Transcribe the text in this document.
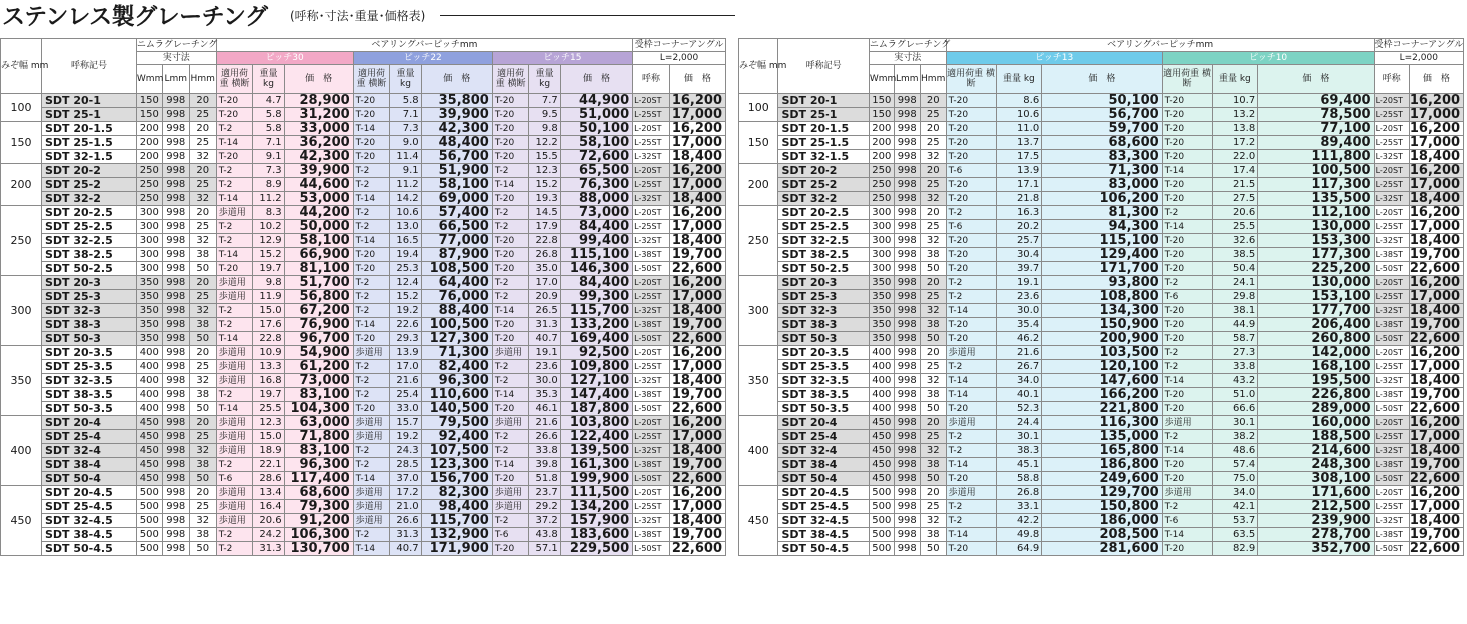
ステンレス製グレーチング (呼称･寸法･重量･価格表)
みぞ幅 mm	呼称記号	ニムラグレーチング			ベアリングバーピッチmm									受枠コーナーアングル	
		実寸法			ピッチ30			ピッチ22			ピッチ15			L=2,000	
		Wmm	Lmm	Hmm	適用荷重 横断	重量 kg	価　格	適用荷重 横断	重量 kg	価　格	適用荷重 横断	重量 kg	価　格	呼称	価　格
100	SDT 20-1	150	998	20	T-20	4.7	28,900	T-20	5.8	35,800	T-20	7.7	44,900	L-20ST	16,200
	SDT 25-1	150	998	25	T-20	5.8	31,200	T-20	7.1	39,900	T-20	9.5	51,000	L-25ST	17,000
150	SDT 20-1.5	200	998	20	T-2	5.8	33,000	T-14	7.3	42,300	T-20	9.8	50,100	L-20ST	16,200
	SDT 25-1.5	200	998	25	T-14	7.1	36,200	T-20	9.0	48,400	T-20	12.2	58,100	L-25ST	17,000
	SDT 32-1.5	200	998	32	T-20	9.1	42,300	T-20	11.4	56,700	T-20	15.5	72,600	L-32ST	18,400
200	SDT 20-2	250	998	20	T-2	7.3	39,900	T-2	9.1	51,900	T-2	12.3	65,500	L-20ST	16,200
	SDT 25-2	250	998	25	T-2	8.9	44,600	T-2	11.2	58,100	T-14	15.2	76,300	L-25ST	17,000
	SDT 32-2	250	998	32	T-14	11.2	53,000	T-14	14.2	69,000	T-20	19.3	88,000	L-32ST	18,400
250	SDT 20-2.5	300	998	20	歩道用	8.3	44,200	T-2	10.6	57,400	T-2	14.5	73,000	L-20ST	16,200
	SDT 25-2.5	300	998	25	T-2	10.2	50,000	T-2	13.0	66,500	T-2	17.9	84,400	L-25ST	17,000
	SDT 32-2.5	300	998	32	T-2	12.9	58,100	T-14	16.5	77,000	T-20	22.8	99,400	L-32ST	18,400
	SDT 38-2.5	300	998	38	T-14	15.2	66,900	T-20	19.4	87,900	T-20	26.8	115,100	L-38ST	19,700
	SDT 50-2.5	300	998	50	T-20	19.7	81,100	T-20	25.3	108,500	T-20	35.0	146,300	L-50ST	22,600
300	SDT 20-3	350	998	20	歩道用	9.8	51,700	T-2	12.4	64,400	T-2	17.0	84,400	L-20ST	16,200
	SDT 25-3	350	998	25	歩道用	11.9	56,800	T-2	15.2	76,000	T-2	20.9	99,300	L-25ST	17,000
	SDT 32-3	350	998	32	T-2	15.0	67,200	T-2	19.2	88,400	T-14	26.5	115,700	L-32ST	18,400
	SDT 38-3	350	998	38	T-2	17.6	76,900	T-14	22.6	100,500	T-20	31.3	133,200	L-38ST	19,700
	SDT 50-3	350	998	50	T-14	22.8	96,700	T-20	29.3	127,300	T-20	40.7	169,400	L-50ST	22,600
350	SDT 20-3.5	400	998	20	歩道用	10.9	54,900	歩道用	13.9	71,300	歩道用	19.1	92,500	L-20ST	16,200
	SDT 25-3.5	400	998	25	歩道用	13.3	61,200	T-2	17.0	82,400	T-2	23.6	109,800	L-25ST	17,000
	SDT 32-3.5	400	998	32	歩道用	16.8	73,000	T-2	21.6	96,300	T-2	30.0	127,100	L-32ST	18,400
	SDT 38-3.5	400	998	38	T-2	19.7	83,100	T-2	25.4	110,600	T-14	35.3	147,400	L-38ST	19,700
	SDT 50-3.5	400	998	50	T-14	25.5	104,300	T-20	33.0	140,500	T-20	46.1	187,800	L-50ST	22,600
400	SDT 20-4	450	998	20	歩道用	12.3	63,000	歩道用	15.7	79,500	歩道用	21.6	103,800	L-20ST	16,200
	SDT 25-4	450	998	25	歩道用	15.0	71,800	歩道用	19.2	92,400	T-2	26.6	122,400	L-25ST	17,000
	SDT 32-4	450	998	32	歩道用	18.9	83,100	T-2	24.3	107,500	T-2	33.8	139,500	L-32ST	18,400
	SDT 38-4	450	998	38	T-2	22.1	96,300	T-2	28.5	123,300	T-14	39.8	161,300	L-38ST	19,700
	SDT 50-4	450	998	50	T-6	28.6	117,400	T-14	37.0	156,700	T-20	51.8	199,900	L-50ST	22,600
450	SDT 20-4.5	500	998	20	歩道用	13.4	68,600	歩道用	17.2	82,300	歩道用	23.7	111,500	L-20ST	16,200
	SDT 25-4.5	500	998	25	歩道用	16.4	79,300	歩道用	21.0	98,400	歩道用	29.2	134,200	L-25ST	17,000
	SDT 32-4.5	500	998	32	歩道用	20.6	91,200	歩道用	26.6	115,700	T-2	37.2	157,900	L-32ST	18,400
	SDT 38-4.5	500	998	38	T-2	24.2	106,300	T-2	31.3	132,900	T-6	43.8	183,600	L-38ST	19,700
	SDT 50-4.5	500	998	50	T-2	31.3	130,700	T-14	40.7	171,900	T-20	57.1	229,500	L-50ST	22,600
みぞ幅 mm	呼称記号	ニムラグレーチング			ベアリングバーピッチmm						受枠コーナーアングル	
		実寸法			ピッチ13			ピッチ10			L=2,000	
		Wmm	Lmm	Hmm	適用荷重 横断	重量 kg	価　格	適用荷重 横断	重量 kg	価　格	呼称	価　格
100	SDT 20-1	150	998	20	T-20	8.6	50,100	T-20	10.7	69,400	L-20ST	16,200
	SDT 25-1	150	998	25	T-20	10.6	56,700	T-20	13.2	78,500	L-25ST	17,000
150	SDT 20-1.5	200	998	20	T-20	11.0	59,700	T-20	13.8	77,100	L-20ST	16,200
	SDT 25-1.5	200	998	25	T-20	13.7	68,600	T-20	17.2	89,400	L-25ST	17,000
	SDT 32-1.5	200	998	32	T-20	17.5	83,300	T-20	22.0	111,800	L-32ST	18,400
200	SDT 20-2	250	998	20	T-6	13.9	71,300	T-14	17.4	100,500	L-20ST	16,200
	SDT 25-2	250	998	25	T-20	17.1	83,000	T-20	21.5	117,300	L-25ST	17,000
	SDT 32-2	250	998	32	T-20	21.8	106,200	T-20	27.5	135,500	L-32ST	18,400
250	SDT 20-2.5	300	998	20	T-2	16.3	81,300	T-2	20.6	112,100	L-20ST	16,200
	SDT 25-2.5	300	998	25	T-6	20.2	94,300	T-14	25.5	130,000	L-25ST	17,000
	SDT 32-2.5	300	998	32	T-20	25.7	115,100	T-20	32.6	153,300	L-32ST	18,400
	SDT 38-2.5	300	998	38	T-20	30.4	129,400	T-20	38.5	177,300	L-38ST	19,700
	SDT 50-2.5	300	998	50	T-20	39.7	171,700	T-20	50.4	225,200	L-50ST	22,600
300	SDT 20-3	350	998	20	T-2	19.1	93,800	T-2	24.1	130,000	L-20ST	16,200
	SDT 25-3	350	998	25	T-2	23.6	108,800	T-6	29.8	153,100	L-25ST	17,000
	SDT 32-3	350	998	32	T-14	30.0	134,300	T-20	38.1	177,700	L-32ST	18,400
	SDT 38-3	350	998	38	T-20	35.4	150,900	T-20	44.9	206,400	L-38ST	19,700
	SDT 50-3	350	998	50	T-20	46.2	200,900	T-20	58.7	260,800	L-50ST	22,600
350	SDT 20-3.5	400	998	20	歩道用	21.6	103,500	T-2	27.3	142,000	L-20ST	16,200
	SDT 25-3.5	400	998	25	T-2	26.7	120,100	T-2	33.8	168,100	L-25ST	17,000
	SDT 32-3.5	400	998	32	T-14	34.0	147,600	T-14	43.2	195,500	L-32ST	18,400
	SDT 38-3.5	400	998	38	T-14	40.1	166,200	T-20	51.0	226,800	L-38ST	19,700
	SDT 50-3.5	400	998	50	T-20	52.3	221,800	T-20	66.6	289,000	L-50ST	22,600
400	SDT 20-4	450	998	20	歩道用	24.4	116,300	歩道用	30.1	160,000	L-20ST	16,200
	SDT 25-4	450	998	25	T-2	30.1	135,000	T-2	38.2	188,500	L-25ST	17,000
	SDT 32-4	450	998	32	T-2	38.3	165,800	T-14	48.6	214,600	L-32ST	18,400
	SDT 38-4	450	998	38	T-14	45.1	186,800	T-20	57.4	248,300	L-38ST	19,700
	SDT 50-4	450	998	50	T-20	58.8	249,600	T-20	75.0	308,100	L-50ST	22,600
450	SDT 20-4.5	500	998	20	歩道用	26.8	129,700	歩道用	34.0	171,600	L-20ST	16,200
	SDT 25-4.5	500	998	25	T-2	33.1	150,800	T-2	42.1	212,500	L-25ST	17,000
	SDT 32-4.5	500	998	32	T-2	42.2	186,000	T-6	53.7	239,900	L-32ST	18,400
	SDT 38-4.5	500	998	38	T-14	49.8	208,500	T-14	63.5	278,700	L-38ST	19,700
	SDT 50-4.5	500	998	50	T-20	64.9	281,600	T-20	82.9	352,700	L-50ST	22,600
